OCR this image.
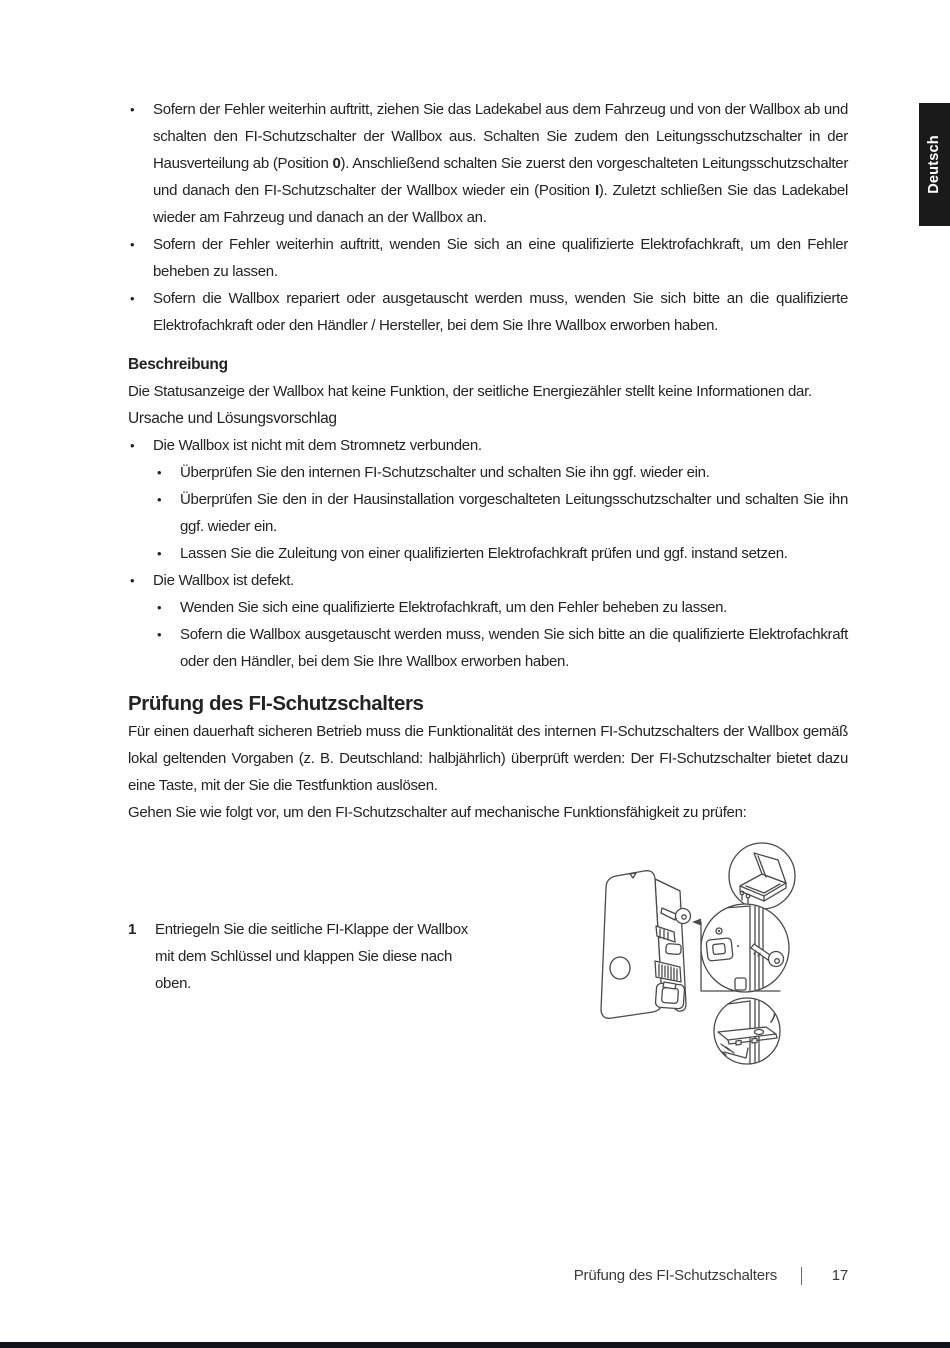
Deutsch
• Sofern der Fehler weiterhin auftritt, ziehen Sie das Ladekabel aus dem Fahrzeug und von der Wallbox ab und schalten den FI-Schutzschalter der Wallbox aus. Schalten Sie zudem den Leitungsschutzschalter in der Hausverteilung ab (Position 0). Anschließend schalten Sie zuerst den vorgeschalteten Leitungsschutzschalter und danach den FI-Schutzschalter der Wallbox wieder ein (Position I). Zuletzt schließen Sie das Ladekabel wieder am Fahrzeug und danach an der Wallbox an.
• Sofern der Fehler weiterhin auftritt, wenden Sie sich an eine qualifizierte Elektrofachkraft, um den Fehler beheben zu lassen.
• Sofern die Wallbox repariert oder ausgetauscht werden muss, wenden Sie sich bitte an die qualifizierte Elektrofachkraft oder den Händler / Hersteller, bei dem Sie Ihre Wallbox erworben haben.
Beschreibung
Die Statusanzeige der Wallbox hat keine Funktion, der seitliche Energiezähler stellt keine Informationen dar.
Ursache und Lösungsvorschlag
• Die Wallbox ist nicht mit dem Stromnetz verbunden.
• Überprüfen Sie den internen FI-Schutzschalter und schalten Sie ihn ggf. wieder ein.
• Überprüfen Sie den in der Hausinstallation vorgeschalteten Leitungsschutzschalter und schalten Sie ihn ggf. wieder ein.
• Lassen Sie die Zuleitung von einer qualifizierten Elektrofachkraft prüfen und ggf. instand setzen.
• Die Wallbox ist defekt.
• Wenden Sie sich eine qualifizierte Elektrofachkraft, um den Fehler beheben zu lassen.
• Sofern die Wallbox ausgetauscht werden muss, wenden Sie sich bitte an die qualifizierte Elektrofachkraft oder den Händler, bei dem Sie Ihre Wallbox erworben haben.
Prüfung des FI-Schutzschalters
Für einen dauerhaft sicheren Betrieb muss die Funktionalität des internen FI-Schutzschalters der Wallbox gemäß lokal geltenden Vorgaben (z. B. Deutschland: halbjährlich) überprüft werden: Der FI-Schutzschalter bietet dazu eine Taste, mit der Sie die Testfunktion auslösen.
Gehen Sie wie folgt vor, um den FI-Schutzschalter auf mechanische Funktionsfähigkeit zu prüfen:
1	Entriegeln Sie die seitliche FI-Klappe der Wallbox mit dem Schlüssel und klappen Sie diese nach oben.
Prüfung des FI-Schutzschalters	17
